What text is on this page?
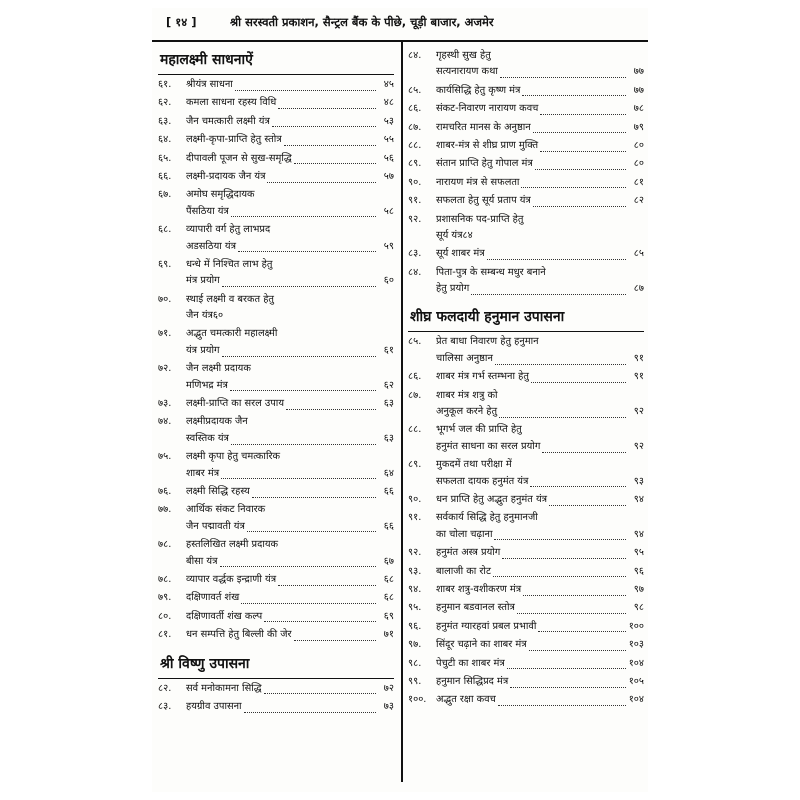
[ १४ ]	श्री सरस्वती प्रकाशन, सैन्ट्रल बैंक के पीछे, चूड़ी बाजार, अजमेर
महालक्ष्मी साधनाऐं
६१.	श्रीयंत्र साधना	४५
६२.	कमला साधना रहस्य विधि	४८
६३.	जैन चमत्कारी लक्ष्मी यंत्र	५३
६४.	लक्ष्मी-कृपा-प्राप्ति हेतु स्तोत्र	५५
६५.	दीपावली पूजन से सुख-समृद्धि	५६
६६.	लक्ष्मी-प्रदायक जैन यंत्र	५७
६७.	अमोघ समृद्धिदायक
पैंसठिया यंत्र	५८
६८.	व्यापारी वर्ग हेतु लाभप्रद
अडसठिया यंत्र	५९
६९.	धन्धे में निश्चित लाभ हेतु
मंत्र प्रयोग	६०
७०.	स्थाई लक्ष्मी व बरकत हेतु
जैन यंत्र६०
७१.	अद्भुत चमत्कारी महालक्ष्मी
यंत्र प्रयोग	६१
७२.	जैन लक्ष्मी प्रदायक
मणिभद्र मंत्र	६२
७३.	लक्ष्मी-प्राप्ति का सरल उपाय	६३
७४.	लक्ष्मीप्रदायक जैन
स्वस्तिक यंत्र	६३
७५.	लक्ष्मी कृपा हेतु चमत्कारिक
शाबर मंत्र	६४
७६.	लक्ष्मी सिद्धि रहस्य	६६
७७.	आर्थिक संकट निवारक
जैन पद्मावती यंत्र	६६
७८.	हस्तलिखित लक्ष्मी प्रदायक
बीसा यंत्र	६७
७८.	व्यापार वर्द्धक इन्द्राणी यंत्र	६८
७९.	दक्षिणावर्त शंख	६८
८०.	दक्षिणावर्ती शंख कल्प	६९
८१.	धन सम्पत्ति हेतु बिल्ली की जेर	७१
श्री विष्णु उपासना
८२.	सर्व मनोकामना सिद्धि	७२
८३.	हयग्रीव उपासना	७३
८४.	गृहस्थी सुख हेतु
सत्यनारायण कथा	७७
८५.	कार्यसिद्धि हेतु कृष्ण मंत्र	७७
८६.	संकट-निवारण नारायण कवच	७८
८७.	रामचरित मानस के अनुष्ठान	७९
८८.	शाबर-मंत्र से शीघ्र प्राण मुक्ति	८०
८९.	संतान प्राप्ति हेतु गोपाल मंत्र	८०
९०.	नारायण मंत्र से सफलता	८१
९१.	सफलता हेतु सूर्य प्रताप यंत्र	८२
९२.	प्रशासनिक पद-प्राप्ति हेतु
सूर्य यंत्र८४
८३.	सूर्य शाबर मंत्र	८५
८४.	पिता-पुत्र के सम्बन्ध मधुर बनाने
हेतु प्रयोग	८७
शीघ्र फलदायी हनुमान उपासना
८५.	प्रेत बाधा निवारण हेतु हनुमान
चालिसा अनुष्ठान	९१
८६.	शाबर मंत्र गर्भ स्तम्भना हेतु	९१
८७.	शाबर मंत्र शत्रु को
अनुकूल करने हेतु	९२
८८.	भूगर्भ जल की प्राप्ति हेतु
हनुमंत साधना का सरल प्रयोग	९२
८९.	मुकदमें तथा परीक्षा में
सफलता दायक हनुमंत यंत्र	९३
९०.	धन प्राप्ति हेतु अद्भुत हनुमंत यंत्र	९४
९१.	सर्वकार्य सिद्धि हेतु हनुमानजी
का चोला चढ़ाना	९४
९२.	हनुमंत अस्त्र प्रयोग	९५
९३.	बालाजी का रोट	९६
९४.	शाबर शत्रु-वशीकरण मंत्र	९७
९५.	हनुमान बडवानल स्तोत्र	९८
९६.	हनुमंत ग्यारहवां प्रबल प्रभावी	१००
९७.	सिंदूर चढ़ाने का शाबर मंत्र	१०३
९८.	पेचुटी का शाबर मंत्र	१०४
९९.	हनुमान सिद्धिप्रद मंत्र	१०५
१००. अद्भुत रक्षा कवच	१०४
